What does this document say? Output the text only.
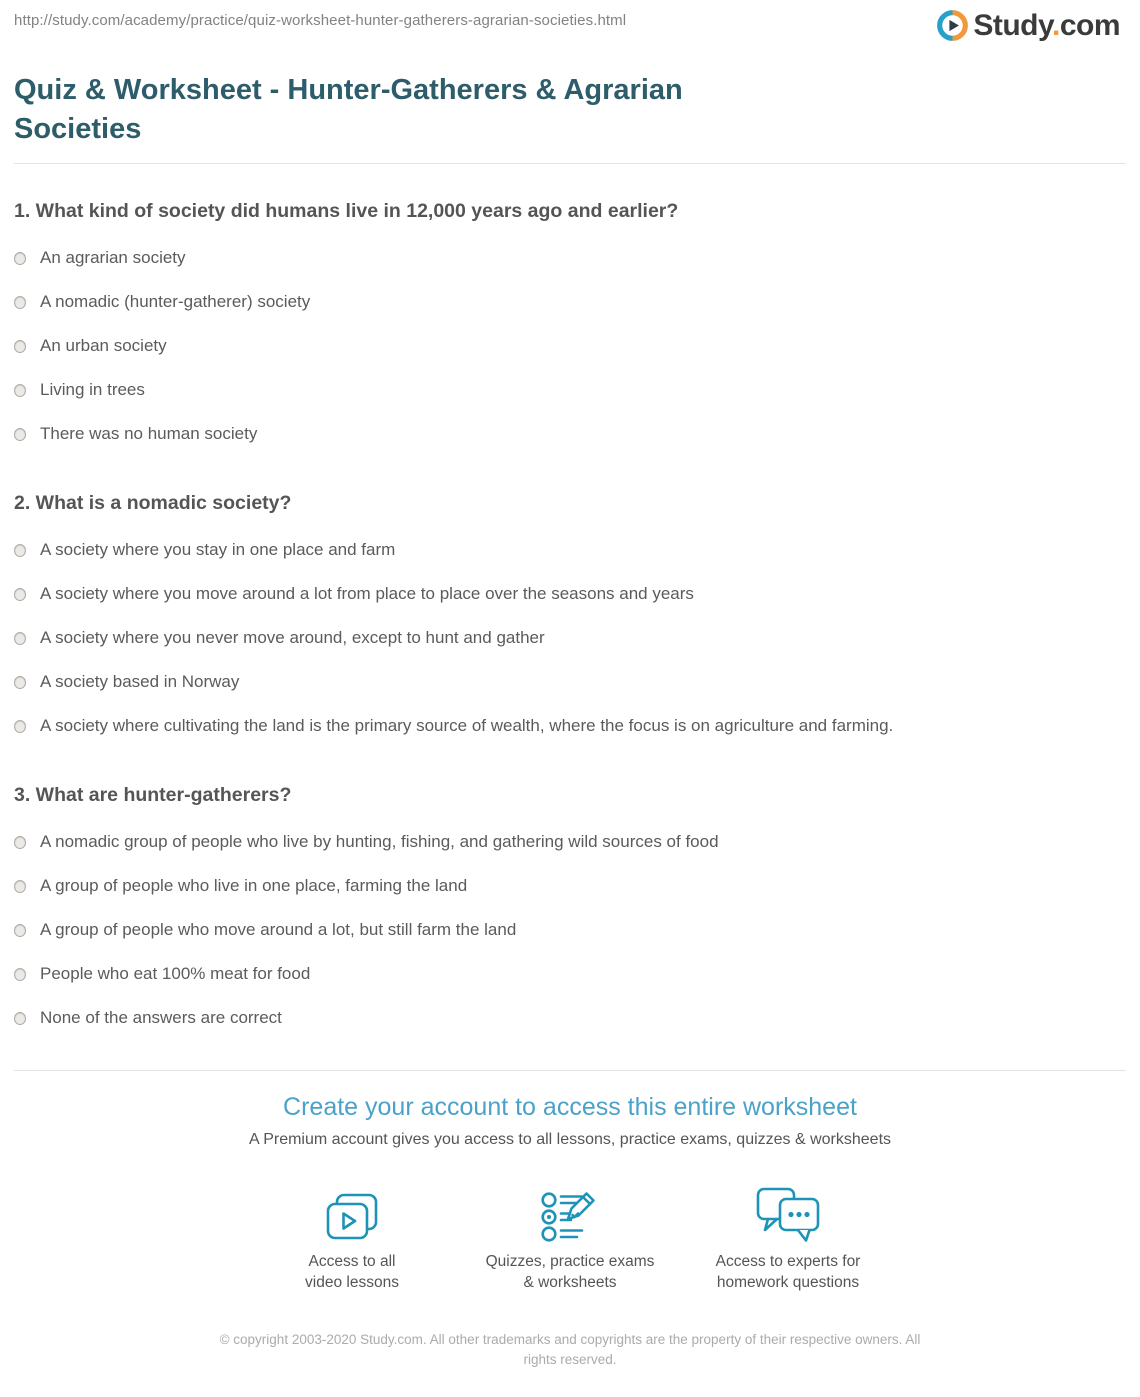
http://study.com/academy/practice/quiz-worksheet-hunter-gatherers-agrarian-societies.html	Study.com
Quiz & Worksheet - Hunter-Gatherers & Agrarian
Societies
1. What kind of society did humans live in 12,000 years ago and earlier?
An agrarian society
A nomadic (hunter-gatherer) society
An urban society
Living in trees
There was no human society
2. What is a nomadic society?
A society where you stay in one place and farm
A society where you move around a lot from place to place over the seasons and years
A society where you never move around, except to hunt and gather
A society based in Norway
A society where cultivating the land is the primary source of wealth, where the focus is on agriculture and farming.
3. What are hunter-gatherers?
A nomadic group of people who live by hunting, fishing, and gathering wild sources of food
A group of people who live in one place, farming the land
A group of people who move around a lot, but still farm the land
People who eat 100% meat for food
None of the answers are correct
Create your account to access this entire worksheet
A Premium account gives you access to all lessons, practice exams, quizzes & worksheets
Access to all
video lessons
Quizzes, practice exams
& worksheets
Access to experts for
homework questions
© copyright 2003-2020 Study.com. All other trademarks and copyrights are the property of their respective owners. All rights reserved.
